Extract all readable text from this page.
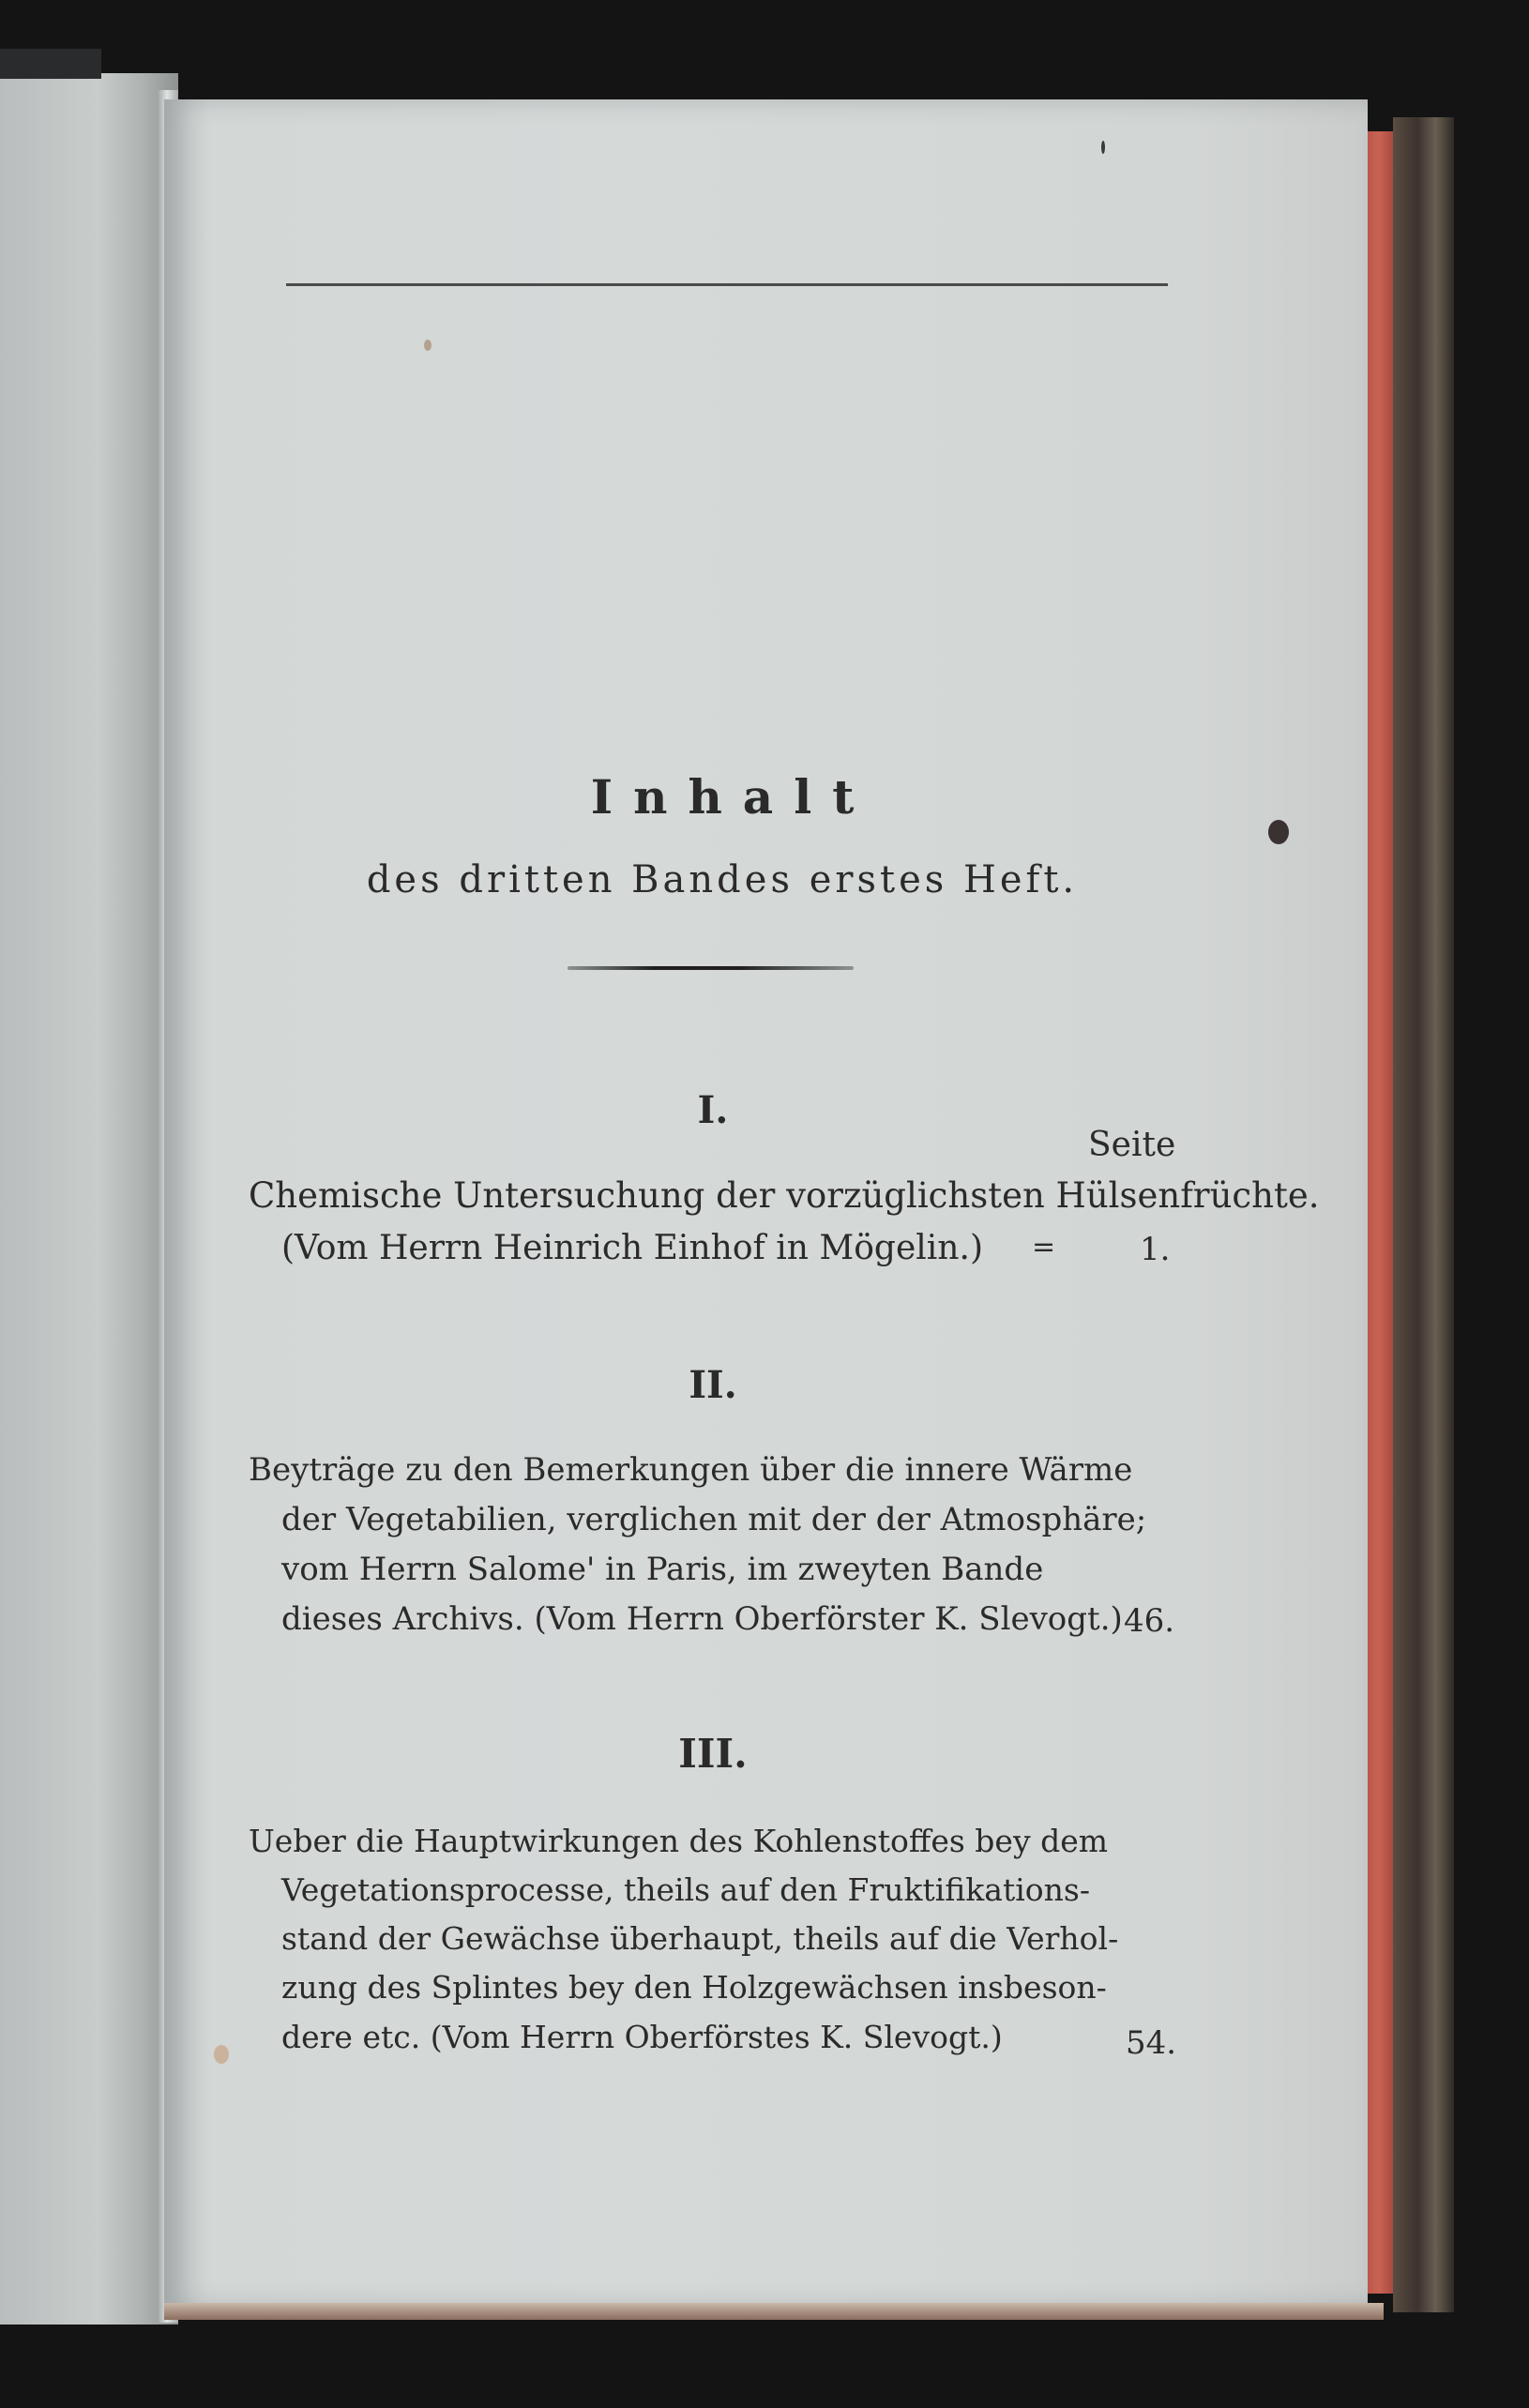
Inhalt
des dritten Bandes erstes Heft.
I.
Seite
Chemische Untersuchung der vorzüglichsten Hülsenfrüchte.
(Vom Herrn Heinrich Einhof in Mögelin.) =	1.
II.
Beyträge zu den Bemerkungen über die innere Wärme
der Vegetabilien, verglichen mit der der Atmosphäre;
vom Herrn Salome' in Paris, im zweyten Bande
dieses Archivs. (Vom Herrn Oberförster K. Slevogt.) 46.
III.
Ueber die Hauptwirkungen des Kohlenstoffes bey dem
Vegetationsprocesse, theils auf den Fruktifikations-
stand der Gewächse überhaupt, theils auf die Verhol-
zung des Splintes bey den Holzgewächsen insbeson-
dere etc. (Vom Herrn Oberförstes K. Slevogt.)	54.
